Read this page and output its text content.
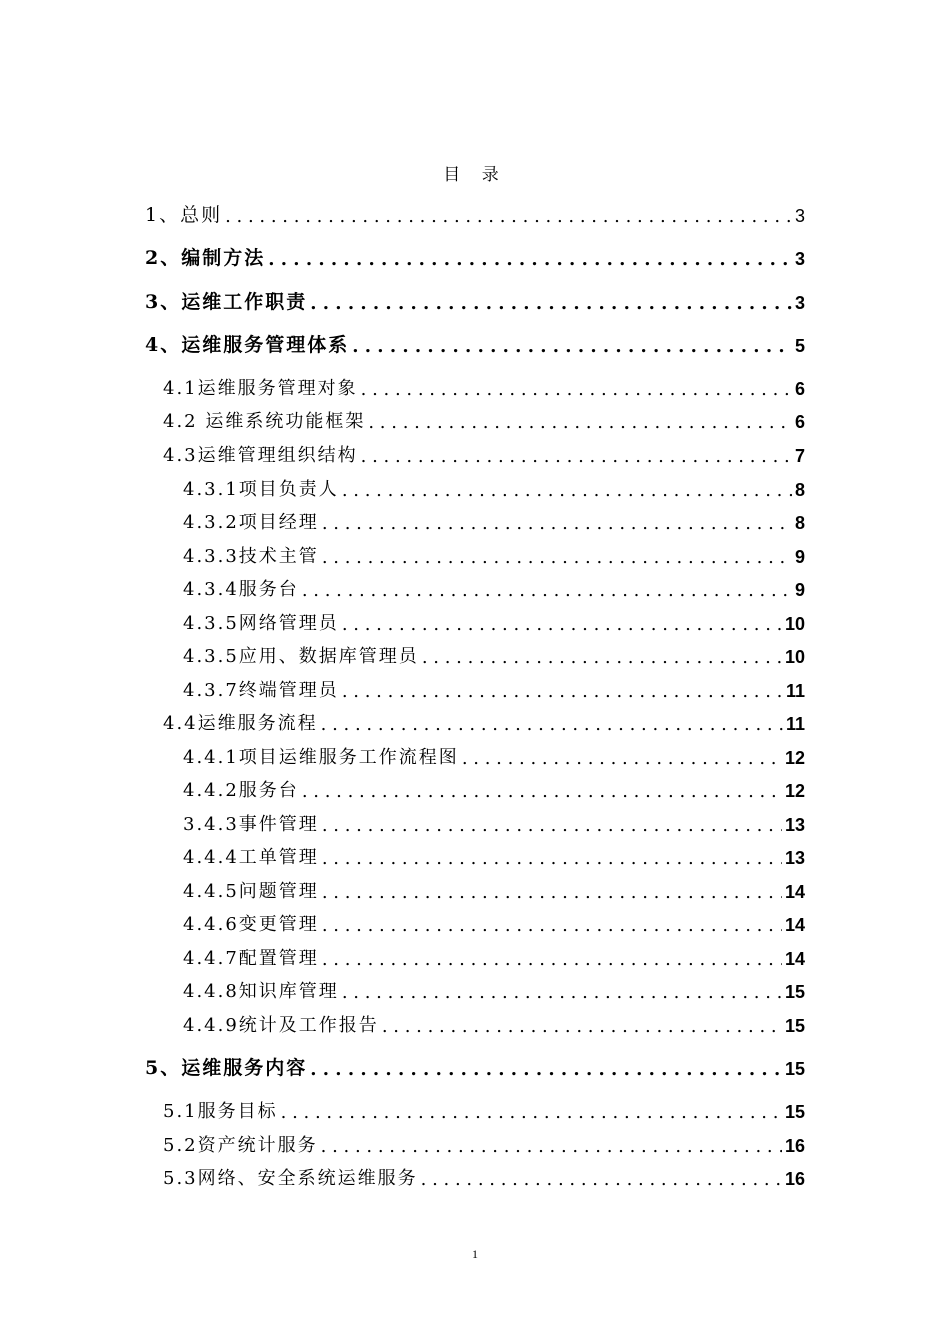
目 录
1、总则 . . .	3
2、编制方法 . . .	3
3、运维工作职责 . . .	3
4、运维服务管理体系 . . .	5
4.1运维服务管理对象 . . .	6
4.2 运维系统功能框架 . . .	6
4.3运维管理组织结构 . . .	7
4.3.1项目负责人 . . .	8
4.3.2项目经理 . . .	8
4.3.3技术主管 . . .	9
4.3.4服务台 . . .	9
4.3.5网络管理员 . . .	10
4.3.5应用、数据库管理员 . . .	10
4.3.7终端管理员 . . .	11
4.4运维服务流程 . . .	11
4.4.1项目运维服务工作流程图 . . .	12
4.4.2服务台 . . .	12
3.4.3事件管理 . . .	13
4.4.4工单管理 . . .	13
4.4.5问题管理 . . .	14
4.4.6变更管理 . . .	14
4.4.7配置管理 . . .	14
4.4.8知识库管理 . . .	15
4.4.9统计及工作报告 . . .	15
5、运维服务内容 . . .	15
5.1服务目标 . . .	15
5.2资产统计服务 . . .	16
5.3网络、安全系统运维服务 . . .	16
1
